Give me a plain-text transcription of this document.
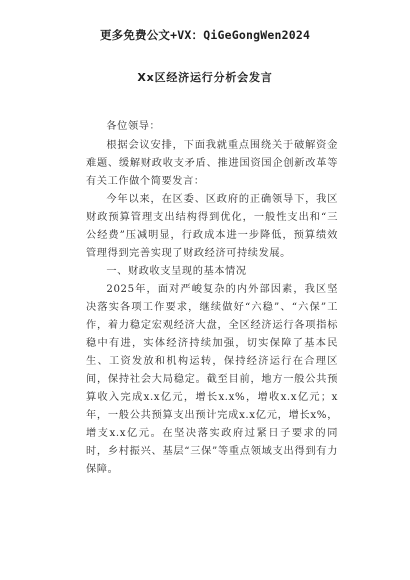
更多免费公文+VX：QiGeGongWen2024
Xx区经济运行分析会发言

各位领导：

根据会议安排，下面我就重点围绕关于破解资金难题、缓解财政收支矛盾、推进国资国企创新改革等有关工作做个简要发言：

今年以来，在区委、区政府的正确领导下，我区财政预算管理支出结构得到优化，一般性支出和“三公经费”压减明显，行政成本进一步降低，预算绩效管理得到完善实现了财政经济可持续发展。

一、财政收支呈现的基本情况

2025年，面对严峻复杂的内外部因素，我区坚决落实各项工作要求，继续做好“六稳”、“六保”工作，着力稳定宏观经济大盘，全区经济运行各项指标稳中有进，实体经济持续加强，切实保障了基本民生、工资发放和机构运转，保持经济运行在合理区间，保持社会大局稳定。截至目前，地方一般公共预算收入完成x.x亿元，增长x.x%，增收x.x亿元；x年，一般公共预算支出预计完成x.x亿元，增长x%，增支x.x亿元。在坚决落实政府过紧日子要求的同时，乡村振兴、基层“三保”等重点领域支出得到有力保障。
